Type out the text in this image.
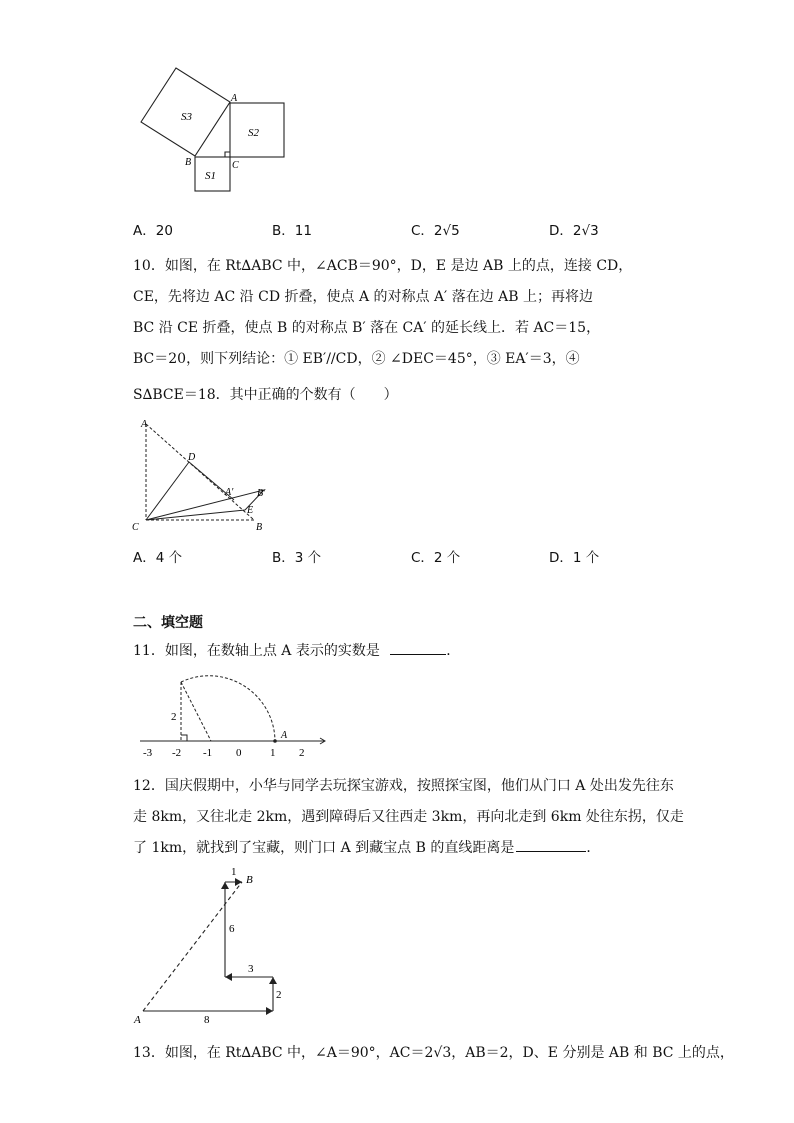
S3
S2
S1
A
B	C
A．20	B．11	C．2√5	D．2√3
10．如图，在 Rt∆ABC 中，∠ACB＝90°，D，E 是边 AB 上的点，连接 CD，
CE，先将边 AC 沿 CD 折叠，使点 A 的对称点 A′ 落在边 AB 上；再将边
BC 沿 CE 折叠，使点 B 的对称点 B′ 落在 CA′ 的延长线上．若 AC＝15，
BC＝20，则下列结论：① EB′//CD，② ∠DEC＝45°，③ EA′＝3，④
S∆BCE＝18．其中正确的个数有（　　）
A
D
A′ B′
E
C	B
A．4 个	B．3 个	C．2 个	D．1 个
二、填空题
11．如图，在数轴上点 A 表示的实数是	．
A
2
-3 -2 -1 0	1 2
12．国庆假期中，小华与同学去玩探宝游戏，按照探宝图，他们从门口 A 处出发先往东
走 8km，又往北走 2km，遇到障碍后又往西走 3km，再向北走到 6km 处往东拐，仅走
了 1km，就找到了宝藏，则门口 A 到藏宝点 B 的直线距离是	．
A
B
8
2
3
6
1
13．如图，在 Rt∆ABC 中，∠A＝90°，AC＝2√3，AB＝2，D、E 分别是 AB 和 BC 上的点，
